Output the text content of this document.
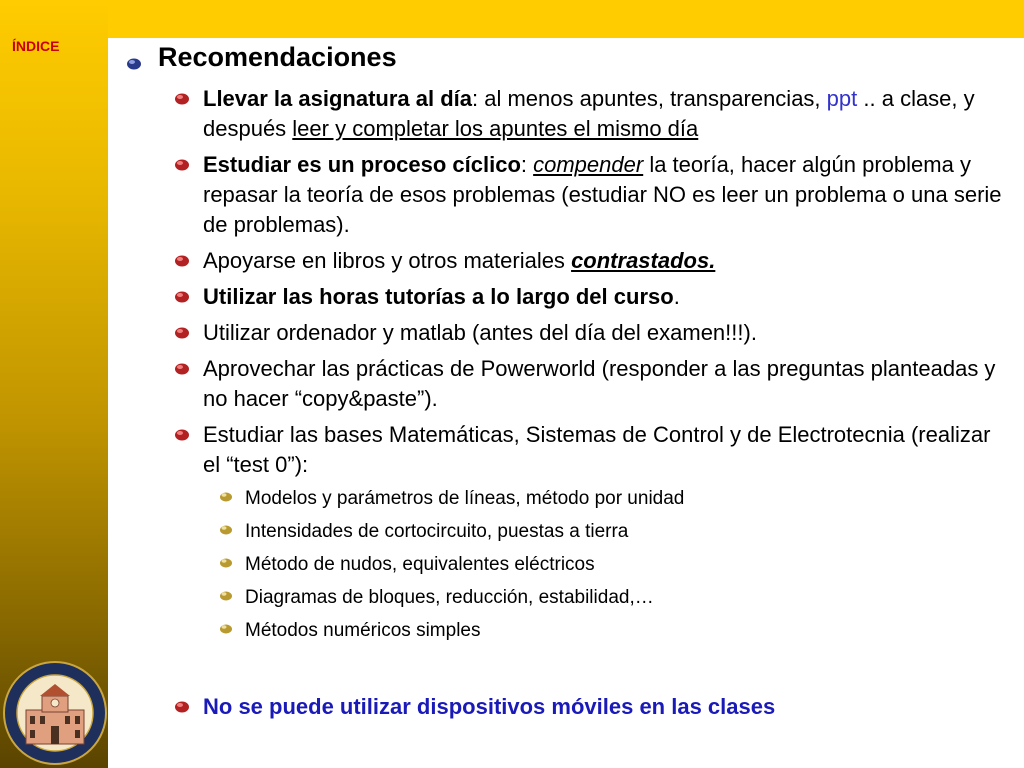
ÍNDICE	Recomendaciones
Llevar la asignatura al día: al menos apuntes, transparencias, ppt .. a clase, y después leer y completar los apuntes el mismo día
Estudiar es un proceso cíclico: compender la teoría, hacer algún problema y repasar la teoría de esos problemas (estudiar NO es leer un problema o una serie de problemas).
Apoyarse en libros y otros materiales contrastados.
Utilizar las horas tutorías a lo largo del curso.
Utilizar ordenador y matlab (antes del día del examen!!!).
Aprovechar las prácticas de Powerworld (responder a las preguntas planteadas y no hacer “copy&paste”).
Estudiar las bases Matemáticas, Sistemas de Control y de Electrotecnia (realizar el “test 0”):
Modelos y parámetros de líneas, método por unidad
Intensidades de cortocircuito, puestas a tierra
Método de nudos, equivalentes eléctricos
Diagramas de bloques, reducción, estabilidad,…
Métodos numéricos simples
No se puede utilizar dispositivos móviles en las clases
